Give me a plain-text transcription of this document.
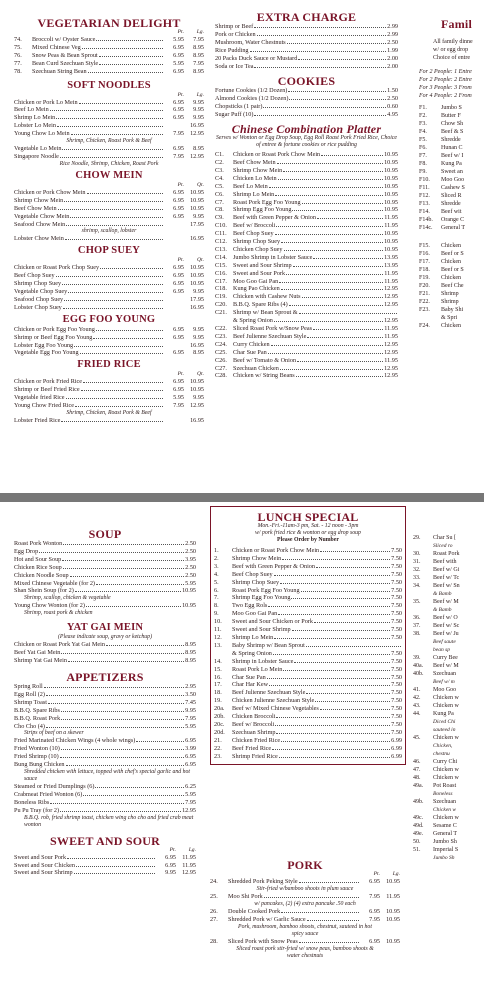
VEGETARIAN DELIGHT
Pt. Lg.
74.	Broccoli w/ Oyster Sauce	5.95	7.95
75.	Mixed Chinese Veg	6.95	8.95
76.	Snow Peas & Bean Sprout	6.95	8.95
77.	Bean Curd Szechuan Style	5.95	7.95
78.	Szechuan String Bean	6.95	8.95
SOFT NOODLES
Pt. Lg.
Chicken or Pork Lo Mein	6.95	9.95
Beef Lo Mein	6.95	9.95
Shrimp Lo Mein	6.95	9.95
Lobster Lo Mein	16.95
Young Chow Lo Mein	7.95 12.95
Shrimp, Chicken, Roast Pork & Beef
Vegetable Lo Mein	6.95	8.95
Singapore Noodle	7.95 12.95
Rice Noodle, Shrimp, Chicken, Roast Pork
CHOW MEIN
Pt. Qt.
Chicken or Pork Chow Mein	6.95 10.95
Shrimp Chow Mein	6.95 10.95
Beef Chow Mein	6.95 10.95
Vegetable Chow Mein	6.95	9.95
Seafood Chow Mein	17.95
shrimp, scallop, lobster
Lobster Chow Mein	16.95
CHOP SUEY
Pt. Qt.
Chicken or Roast Pork Chop Suey	6.95 10.95
Beef Chop Suey	6.95 10.95
Shrimp Chop Suey	6.95 10.95
Vegetable Chop Suey	6.95	9.95
Seafood Chop Suey	17.95
Lobster Chop Suey	16.95
EGG FOO YOUNG
Chicken or Pork Egg Foo Young	6.95	9.95
Shrimp or Beef Egg Foo Young	6.95	9.95
Lobster Egg Foo Young	16.95
Vegetable Egg Foo Young	6.95	8.95
FRIED RICE
Pt. Qt.
Chicken or Pork Fried Rice	6.95 10.95
Shrimp or Beef Fried Rice	6.95 10.95
Vegetable fried Rice	5.95	9.95
Young Chow Fried Rice	7.95 12.95
Shrimp, Chicken, Roast Pork & Beef
Lobster Fried Rice	16.95
EXTRA CHARGE
Shrimp or Beef	2.99
Pork or Chicken	2.99
Mushroom, Water Chestnuts	2.50
Rice Pudding	1.99
20 Packs Duck Sauce or Mustard	2.00
Soda or Ice Tea	2.00
COOKIES
Fortune Cookies (1/2 Dozen)	1.50
Almond Cookies (1/2 Dozen)	2.50
Chopsticks (1 pair)	0.60
Sugar Puff (10)	4.95
Chinese Combination Platter
Serves w/ Wonton or Egg Drop Soup, Egg Roll Roast Pork Fried Rice, Choice of entree & fortune cookies or rice pudding
C1.	Chicken or Roast Pork Chow Mein	10.95
C2.	Beef Chow Mein	10.95
C3.	Shrimp Chow Mein	10.95
C4.	Chicken Lo Mein	10.95
C5.	Beef Lo Mein	10.95
C6.	Shrimp Lo Mein	10.95
C7.	Roast Pork Egg Foo Young	10.95
C8.	Shrimp Egg Foo Young	10.95
C9.	Beef with Green Pepper & Onion	11.95
C10. Beef w/ Broccoli	11.95
C11.	Beef Chop Suey	10.95
C12. Shrimp Chop Suey	10.95
C13. Chicken Chop Suey	10.95
C14. Jumbo Shrimp in Lobster Sauce	13.95
C15. Sweet and Sour Shrimp	13.95
C16. Sweet and Sour Pork	11.95
C17. Moo Goo Gai Pan	11.95
C18. Kung Pao Chicken	12.95
C19. Chicken with Cashew Nuts	12.95
C20. B.B.Q. Spare Ribs (4)	12.95
C21. Shrimp w/ Bean Sprout &
& Spring Onion	12.95
C22. Sliced Roast Pork w/Snow Peas	11.95
C23. Beef Julienne Szechuan Style	11.95
C24. Curry Chicken	12.95
C25. Char Sue Pan	12.95
C26. Beef w/ Tomato & Onion	11.95
C27. Szechuan Chicken	12.95
C28. Chicken w/ String Beans	12.95
Famil
All family dinne
w/ or egg drop
Choice of entre
For 2 People: 1 Entre
For 2 People: 2 Entre
For 3 People: 3 From
For 4 People: 2 From
F1. Jumbo S
F2. Butter F
F3. Chow Sh
F4. Beef & S
F5. Shredde
F6. Hunan C
F7. Beef w/ I
F8. Kung Pa
F9. Sweet an
F10. Moo Goo
F11. Cashew S
F12. Sliced R
F13. Shredde
F14. Beef wit
F14b. Orange C
F14c. General T
F15. Chicken
F16. Beef or S
F17. Chicken
F18. Beef or S
F19. Chicken
F20. Beef Che
F21. Shrimp
F22. Shrimp
F23. Baby Shi
& Spri
F24. Chicken
SOUP
Roast Pork Wonton	2.50
Egg Drop	2.50
Hot and Sour Soup	3.95
Chicken Rice Soup	2.50
Chicken Noodle Soup	2.50
Mixed Chinese Vegetable (for 2)	5.95
Shan Shein Soup (for 2)	10.95
Shrimp, scallop, chicken & vegetable
Young Chow Wonton (for 2)	10.95
Shrimp, roast pork & chicken
YAT GAI MEIN
(Please indicate soup, gravy or ketchup)
Chicken or Roast Pork Yat Gai Mein	8.95
Beef Yat Gai Mein	8.95
Shrimp Yat Gai Mein	8.95
APPETIZERS
Spring Roll	2.95
Egg Roll (2)	3.50
Shrimp Toast	7.45
B.B.Q. Spare Ribs	9.95
B.B.Q. Roast Pork	7.95
Cho Cho (4)	5.95
Strips of beef on a skewer
Fried Marinated Chicken Wings (4 whole wings)	6.95
Fried Wonton (10)	3.99
Fried Shrimp (10)	6.95
Bung Bung Chicken	6.95
Shredded chicken with lettuce, topped with chef's special garlic and hot sauce
Steamed or Fried Dumplings (6)	6.25
Crabmeat Fried Wonton (6)	5.95
Boneless Ribs	7.95
Pu Pu Tray (for 2)	12.95
B.B.Q. rob, fried shrimp toast, chicken wing cho cho and fried crab meat wonton
SWEET AND SOUR
Pt. Lg.
Sweet and Sour Pork	6.95	11.95
Sweet and Sour Chicken	6.95	11.95
Sweet and Sour Shrimp	9.95 12.95
LUNCH SPECIAL
Mon.-Fri.-11am-3 pm, Sat. - 12 noon - 3pm
w/ pork fried rice & wonton or egg drop soup
Please Order by Number
1.	Chicken or Roast Pork Chow Mein	7.50
2.	Shrimp Chow Mein	7.50
3.	Beef with Green Pepper & Onion	7.50
4.	Beef Chop Suey	7.50
5.	Shrimp Chop Suey	7.50
6.	Roast Pork Egg Foo Young	7.50
7.	Shrimp Egg Foo Young	7.50
8.	Two Egg Rols	7.50
9.	Moo Goo Gai Pan	7.50
10.	Sweet and Sour Chicken or Pork	7.50
11.	Sweet and Sour Shrimp	7.50
12.	Shrimp Lo Mein	7.50
13.	Baby Shrimp w/ Bean Sprout
& Spring Onion	7.50
14.	Shrimp in Lobster Sauce	7.50
15.	Roast Pork Lo Mein	7.50
16.	Char Sue Pan	7.50
17.	Char Har Kew	7.50
18.	Beef Julienne Szechuan Style	7.50
19.	Chicken Julienne Szechuan Style	7.50
20a.	Beef w/ Mixed Chinese Vegetables	7.50
20b.	Chicken Broccoli	7.50
20c.	Beef w/ Broccoli	7.50
20d.	Szechuan Shrimp	7.50
21.	Chicken Fried Rice	6.99
22.	Beef Fried Rice	6.99
23.	Shrimp Fried Rice	6.99
PORK
Pt. Lg.
24.	Shredded Pork Peking Style	6.95 10.95
Stir-fried w/bamboo shoots in plum sauce
25.	Moo Shi Pork	7.95	11.95
w/ pancakes, (2) (4) extra pancake .50 each
26.	Double Cooked Pork	6.95 10.95
27.	Shredded Pork w/ Garlic Sauce	7.95 10.95
Pork, mushroom, bamboo shoots, chestnut, sauteed in hot spicy sauce
28.	Sliced Pork with Snow Peas	6.95 10.95
Sliced roast pork stir-fried w/ snow peas, bamboo shoots & water chestnuts
29. Char Su [
Sliced ro
30. Roast Pork
31. Beef with
32. Beef w/ Gi
33. Beef w/ Tc
34. Beef w/ Sn
& Bamb
35. Beef w/ M
& Bamb
36. Beef w/ O
37. Beef w/ Sc
38. Beef w/ Ju
Beef saute
bean sp
39. Curry Bee
40a. Beef w/ M
40b. Szechuan
Beef w/ m
41. Moo Goo
42. Chicken w
43. Chicken w
44. Kung Pa
Diced Chi
sauteed in
45. Chicken w
Chicken,
chestnu
46. Curry Chi
47. Chicken w
48. Chicken w
49a. Pot Roast
Boneless
49b. Szechuan
Chicken w
49c. Chicken w
49d. Sesame C
49e. General T
50. Jumbo Sh
51. Imperial S
Jumbo Sh
